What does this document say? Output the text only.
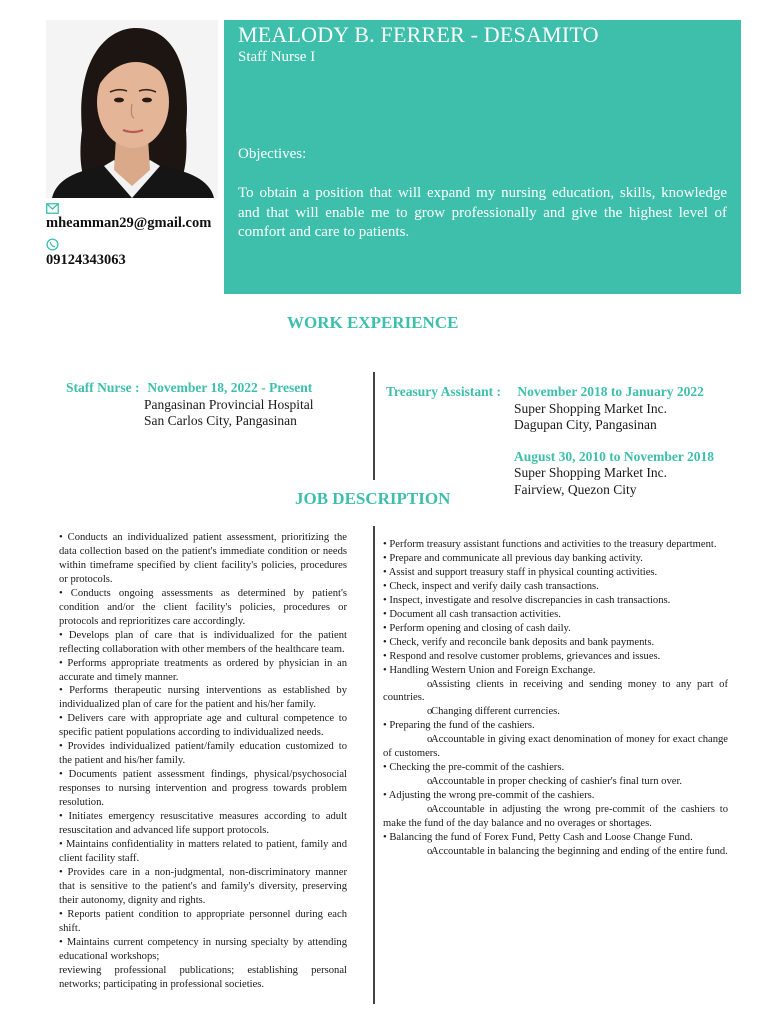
mheamman29@gmail.com
09124343063
MEALODY B. FERRER - DESAMITO
Staff Nurse I
Objectives:
To obtain a position that will expand my nursing education, skills, knowledge and that will enable me to grow professionally and give the highest level of comfort and care to patients.
WORK EXPERIENCE
Staff Nurse : November 18, 2022 - Present
Pangasinan Provincial Hospital
San Carlos City, Pangasinan
Treasury Assistant : November 2018 to January 2022
Super Shopping Market Inc.
Dagupan City, Pangasinan
August 30, 2010 to November 2018
Super Shopping Market Inc.
Fairview, Quezon City
JOB DESCRIPTION

• Conducts an individualized patient assessment, prioritizing the data collection based on the patient's immediate condition or needs within timeframe specified by client facility's policies, procedures or protocols.

• Conducts ongoing assessments as determined by patient's condition and/or the client facility's policies, procedures or protocols and reprioritizes care accordingly.

• Develops plan of care that is individualized for the patient reflecting collaboration with other members of the healthcare team.

• Performs appropriate treatments as ordered by physician in an accurate and timely manner.

• Performs therapeutic nursing interventions as established by individualized plan of care for the patient and his/her family.

• Delivers care with appropriate age and cultural competence to specific patient populations according to individualized needs.

• Provides individualized patient/family education customized to the patient and his/her family.

• Documents patient assessment findings, physical/psychosocial responses to nursing intervention and progress towards problem resolution.

• Initiates emergency resuscitative measures according to adult resuscitation and advanced life support protocols.

• Maintains confidentiality in matters related to patient, family and client facility staff.

• Provides care in a non-judgmental, non-discriminatory manner that is sensitive to the patient's and family's diversity, preserving their autonomy, dignity and rights.

• Reports patient condition to appropriate personnel during each shift.

• Maintains current competency in nursing specialty by attending educational workshops;

reviewing professional publications; establishing personal networks; participating in professional societies.

• Perform treasury assistant functions and activities to the treasury department.

• Prepare and communicate all previous day banking activity.

• Assist and support treasury staff in physical counting activities.

• Check, inspect and verify daily cash transactions.

• Inspect, investigate and resolve discrepancies in cash transactions.

• Document all cash transaction activities.

• Perform opening and closing of cash daily.

• Check, verify and reconcile bank deposits and bank payments.

• Respond and resolve customer problems, grievances and issues.

• Handling Western Union and Foreign Exchange.

oAssisting clients in receiving and sending money to any part of countries.

oChanging different currencies.

• Preparing the fund of the cashiers.

oAccountable in giving exact denomination of money for exact change of customers.

• Checking the pre-commit of the cashiers.

oAccountable in proper checking of cashier's final turn over.

• Adjusting the wrong pre-commit of the cashiers.

oAccountable in adjusting the wrong pre-commit of the cashiers to make the fund of the day balance and no overages or shortages.

• Balancing the fund of Forex Fund, Petty Cash and Loose Change Fund.

oAccountable in balancing the beginning and ending of the entire fund.
